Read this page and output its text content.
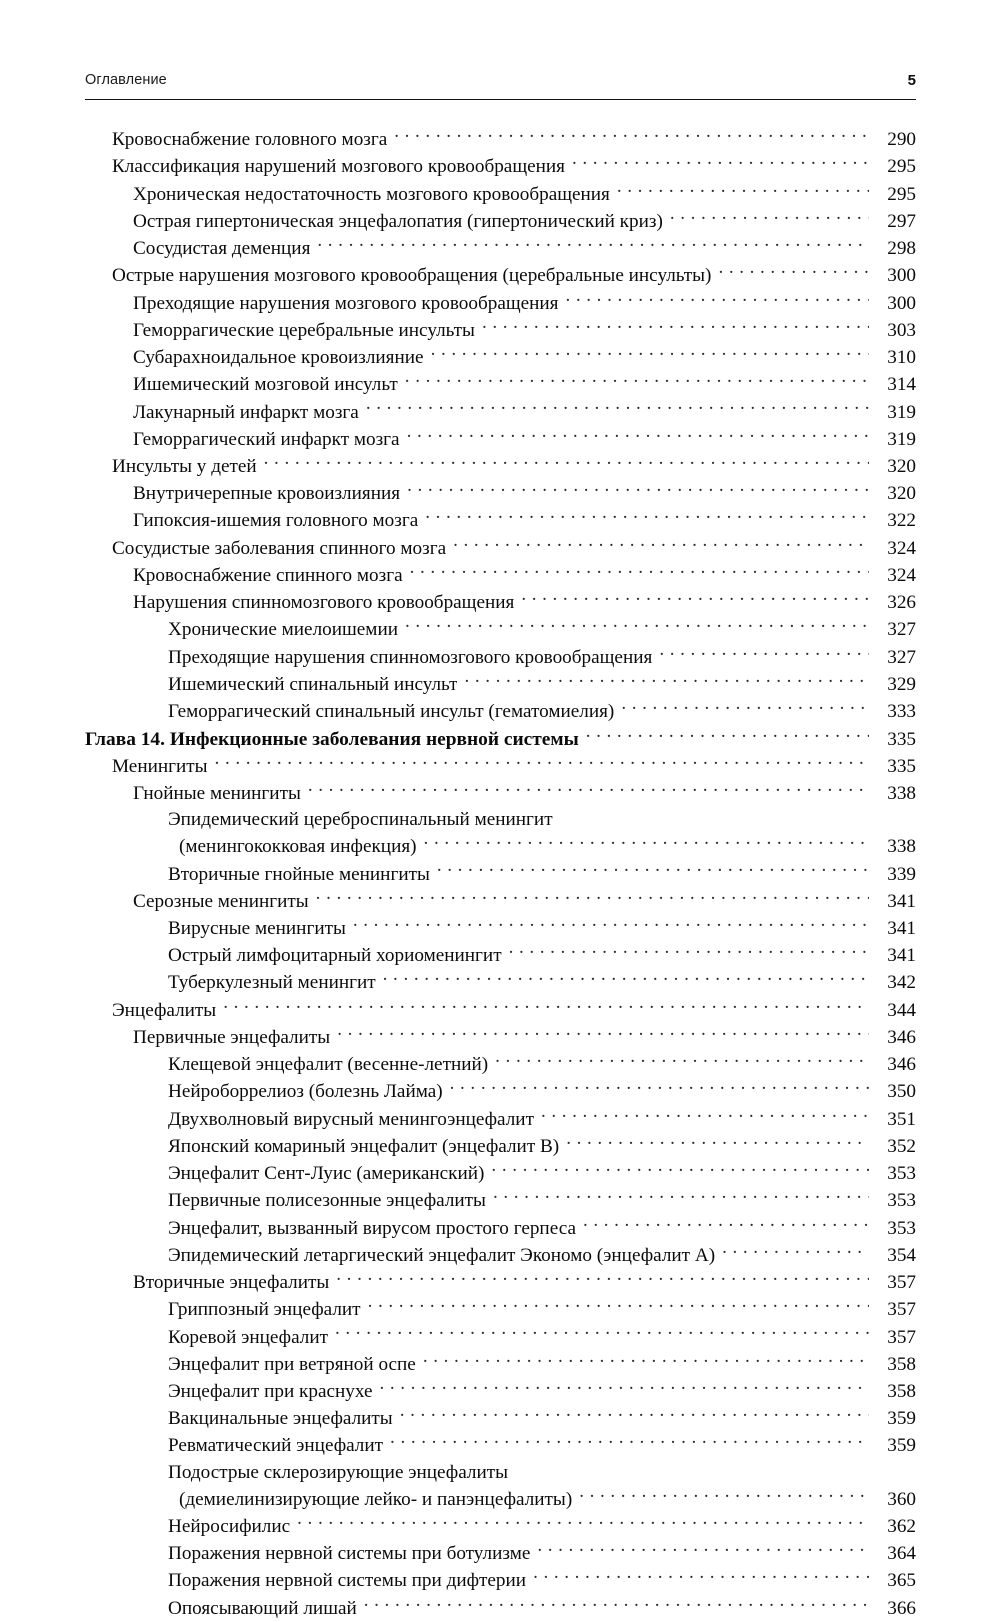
Оглавление	5
Кровоснабжение головного мозга . . .	290
Классификация нарушений мозгового кровообращения . . .	295
Хроническая недостаточность мозгового кровообращения . . .	295
Острая гипертоническая энцефалопатия (гипертонический криз) . . .	297
Сосудистая деменция . . .	298
Острые нарушения мозгового кровообращения (церебральные инсульты) . . .	300
Преходящие нарушения мозгового кровообращения . . .	300
Геморрагические церебральные инсульты . . .	303
Субарахноидальное кровоизлияние . . .	310
Ишемический мозговой инсульт . . .	314
Лакунарный инфаркт мозга . . .	319
Геморрагический инфаркт мозга . . .	319
Инсульты у детей . . .	320
Внутричерепные кровоизлияния . . .	320
Гипоксия-ишемия головного мозга . . .	322
Сосудистые заболевания спинного мозга . . .	324
Кровоснабжение спинного мозга . . .	324
Нарушения спинномозгового кровообращения . . .	326
Хронические миелоишемии . . .	327
Преходящие нарушения спинномозгового кровообращения . . .	327
Ишемический спинальный инсульт . . .	329
Геморрагический спинальный инсульт (гематомиелия) . . .	333
Глава 14. Инфекционные заболевания нервной системы . . .	335
Менингиты . . .	335
Гнойные менингиты . . .	338
Эпидемический цереброспинальный менингит
(менингококковая инфекция) . . .	338
Вторичные гнойные менингиты . . .	339
Серозные менингиты . . .	341
Вирусные менингиты . . .	341
Острый лимфоцитарный хориоменингит . . .	341
Туберкулезный менингит . . .	342
Энцефалиты . . .	344
Первичные энцефалиты . . .	346
Клещевой энцефалит (весенне-летний) . . .	346
Нейроборрелиоз (болезнь Лайма) . . .	350
Двухволновый вирусный менингоэнцефалит . . .	351
Японский комариный энцефалит (энцефалит В) . . .	352
Энцефалит Сент-Луис (американский) . . .	353
Первичные полисезонные энцефалиты . . .	353
Энцефалит, вызванный вирусом простого герпеса . . .	353
Эпидемический летаргический энцефалит Экономо (энцефалит А) . . .	354
Вторичные энцефалиты . . .	357
Гриппозный энцефалит . . .	357
Коревой энцефалит . . .	357
Энцефалит при ветряной оспе . . .	358
Энцефалит при краснухе . . .	358
Вакцинальные энцефалиты . . .	359
Ревматический энцефалит . . .	359
Подострые склерозирующие энцефалиты
(демиелинизирующие лейко- и панэнцефалиты) . . .	360
Нейросифилис . . .	362
Поражения нервной системы при ботулизме . . .	364
Поражения нервной системы при дифтерии . . .	365
Опоясывающий лишай . . .	366
